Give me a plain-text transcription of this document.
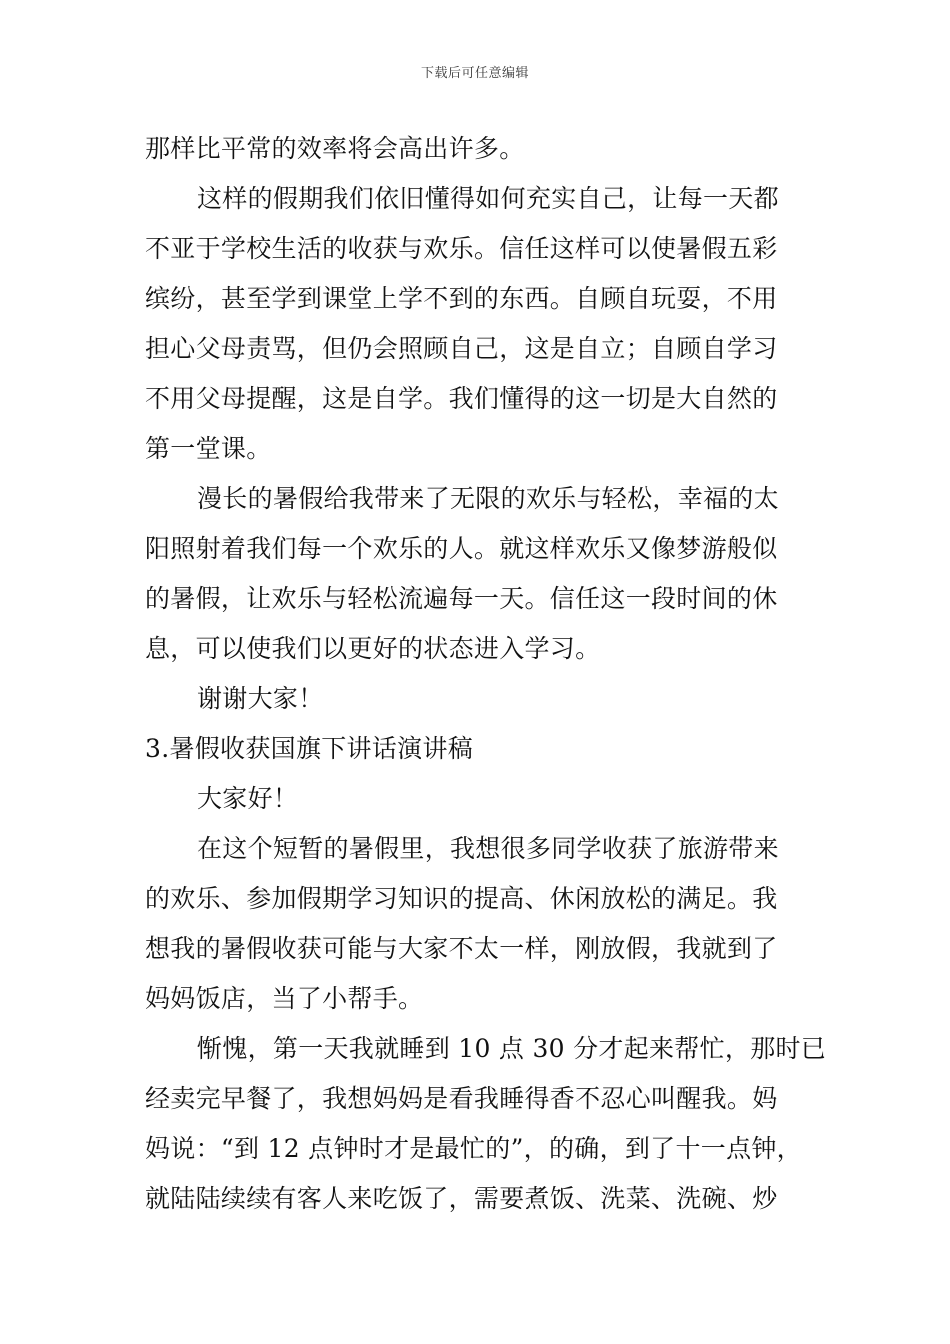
下载后可任意编辑
那样比平常的效率将会高出许多。
这样的假期我们依旧懂得如何充实自己，让每一天都
不亚于学校生活的收获与欢乐。信任这样可以使暑假五彩
缤纷，甚至学到课堂上学不到的东西。自顾自玩耍，不用
担心父母责骂，但仍会照顾自己，这是自立；自顾自学习
不用父母提醒，这是自学。我们懂得的这一切是大自然的
第一堂课。
漫长的暑假给我带来了无限的欢乐与轻松，幸福的太
阳照射着我们每一个欢乐的人。就这样欢乐又像梦游般似
的暑假，让欢乐与轻松流遍每一天。信任这一段时间的休
息，可以使我们以更好的状态进入学习。
谢谢大家！
3.暑假收获国旗下讲话演讲稿
大家好！
在这个短暂的暑假里，我想很多同学收获了旅游带来
的欢乐、参加假期学习知识的提高、休闲放松的满足。我
想我的暑假收获可能与大家不太一样，刚放假，我就到了
妈妈饭店，当了小帮手。
惭愧，第一天我就睡到 10 点 30 分才起来帮忙，那时已
经卖完早餐了，我想妈妈是看我睡得香不忍心叫醒我。妈
妈说：“到 12 点钟时才是最忙的”，的确，到了十一点钟，
就陆陆续续有客人来吃饭了，需要煮饭、洗菜、洗碗、炒
